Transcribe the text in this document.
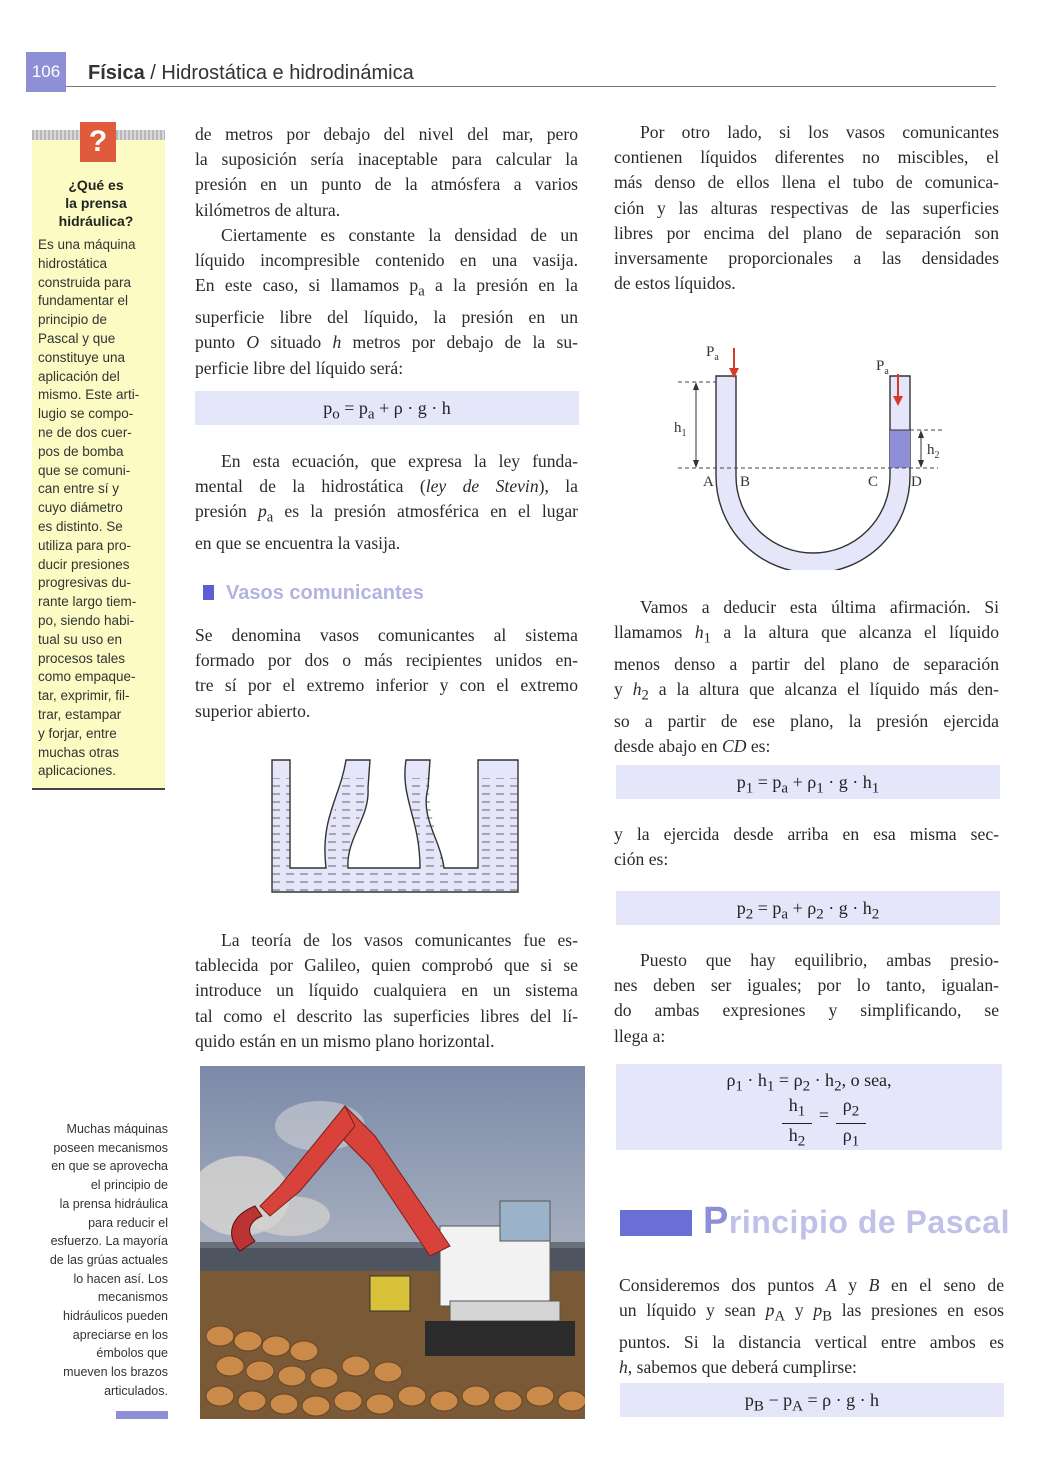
106 Física / Hidrostática e hidrodinámica
?
¿Qué es
la prensa
hidráulica?
Es una máquina
hidrostática
construida para
fundamentar el
principio de
Pascal y que
constituye una
aplicación del
mismo. Este arti-
lugio se compo-
ne de dos cuer-
pos de bomba
que se comuni-
can entre sí y
cuyo diámetro
es distinto. Se
utiliza para pro-
ducir presiones
progresivas du-
rante largo tiem-
po, siendo habi-
tual su uso en
procesos tales
como empaque-
tar, exprimir, fil-
trar, estampar
y forjar, entre
muchas otras
aplicaciones.
Muchas máquinas
poseen mecanismos
en que se aprovecha
el principio de
la prensa hidráulica
para reducir el
esfuerzo. La mayoría
de las grúas actuales
lo hacen así. Los
mecanismos
hidráulicos pueden
apreciarse en los
émbolos que
mueven los brazos
articulados.
de metros por debajo del nivel del mar, pero
la suposición sería inaceptable para calcular la
presión en un punto de la atmósfera a varios
kilómetros de altura.
Ciertamente es constante la densidad de un
líquido incompresible contenido en una vasija.
En este caso, si llamamos $p_a$ a la presión en la
superficie libre del líquido, la presión en un
punto O situado h metros por debajo de la su-
perficie libre del líquido será:
$p_o = p_a + \rho \cdot g \cdot h$
En esta ecuación, que expresa la ley funda-
mental de la hidrostática (ley de Stevin), la
presión $p_a$ es la presión atmosférica en el lugar
en que se encuentra la vasija.
Vasos comunicantes
Se denomina vasos comunicantes al sistema
formado por dos o más recipientes unidos en-
tre sí por el extremo inferior y con el extremo
superior abierto.
La teoría de los vasos comunicantes fue es-
tablecida por Galileo, quien comprobó que si se
introduce un líquido cualquiera en un sistema
tal como el descrito las superficies libres del lí-
quido están en un mismo plano horizontal.
Por otro lado, si los vasos comunicantes
contienen líquidos diferentes no miscibles, el
más denso de ellos llena el tubo de comunica-
ción y las alturas respectivas de las superficies
libres por encima del plano de separación son
inversamente proporcionales a las densidades
de estos líquidos.
$P_a$
$P_a$
$h_1$
$h_2$
A B	C D
Vamos a deducir esta última afirmación. Si
llamamos $h_1$ a la altura que alcanza el líquido
menos denso a partir del plano de separación
y $h_2$ a la altura que alcanza el líquido más den-
so a partir de ese plano, la presión ejercida
desde abajo en CD es:
$p_1 = p_a + \rho_1 \cdot g \cdot h_1$
y la ejercida desde arriba en esa misma sec-
ción es:
$p_2 = p_a + \rho_2 \cdot g \cdot h_2$
Puesto que hay equilibrio, ambas presio-
nes deben ser iguales; por lo tanto, igualan-
do ambas expresiones y simplificando, se
llega a:
$\rho_1 \cdot h_1 = \rho_2 \cdot h_2$, o sea,
$\frac{h_1}{h_2} = \frac{\rho_2}{\rho_1}$
Principio de Pascal
Consideremos dos puntos A y B en el seno de
un líquido y sean $p_A$ y $p_B$ las presiones en esos
puntos. Si la distancia vertical entre ambos es
h, sabemos que deberá cumplirse:
$p_B - p_A = \rho \cdot g \cdot h$
